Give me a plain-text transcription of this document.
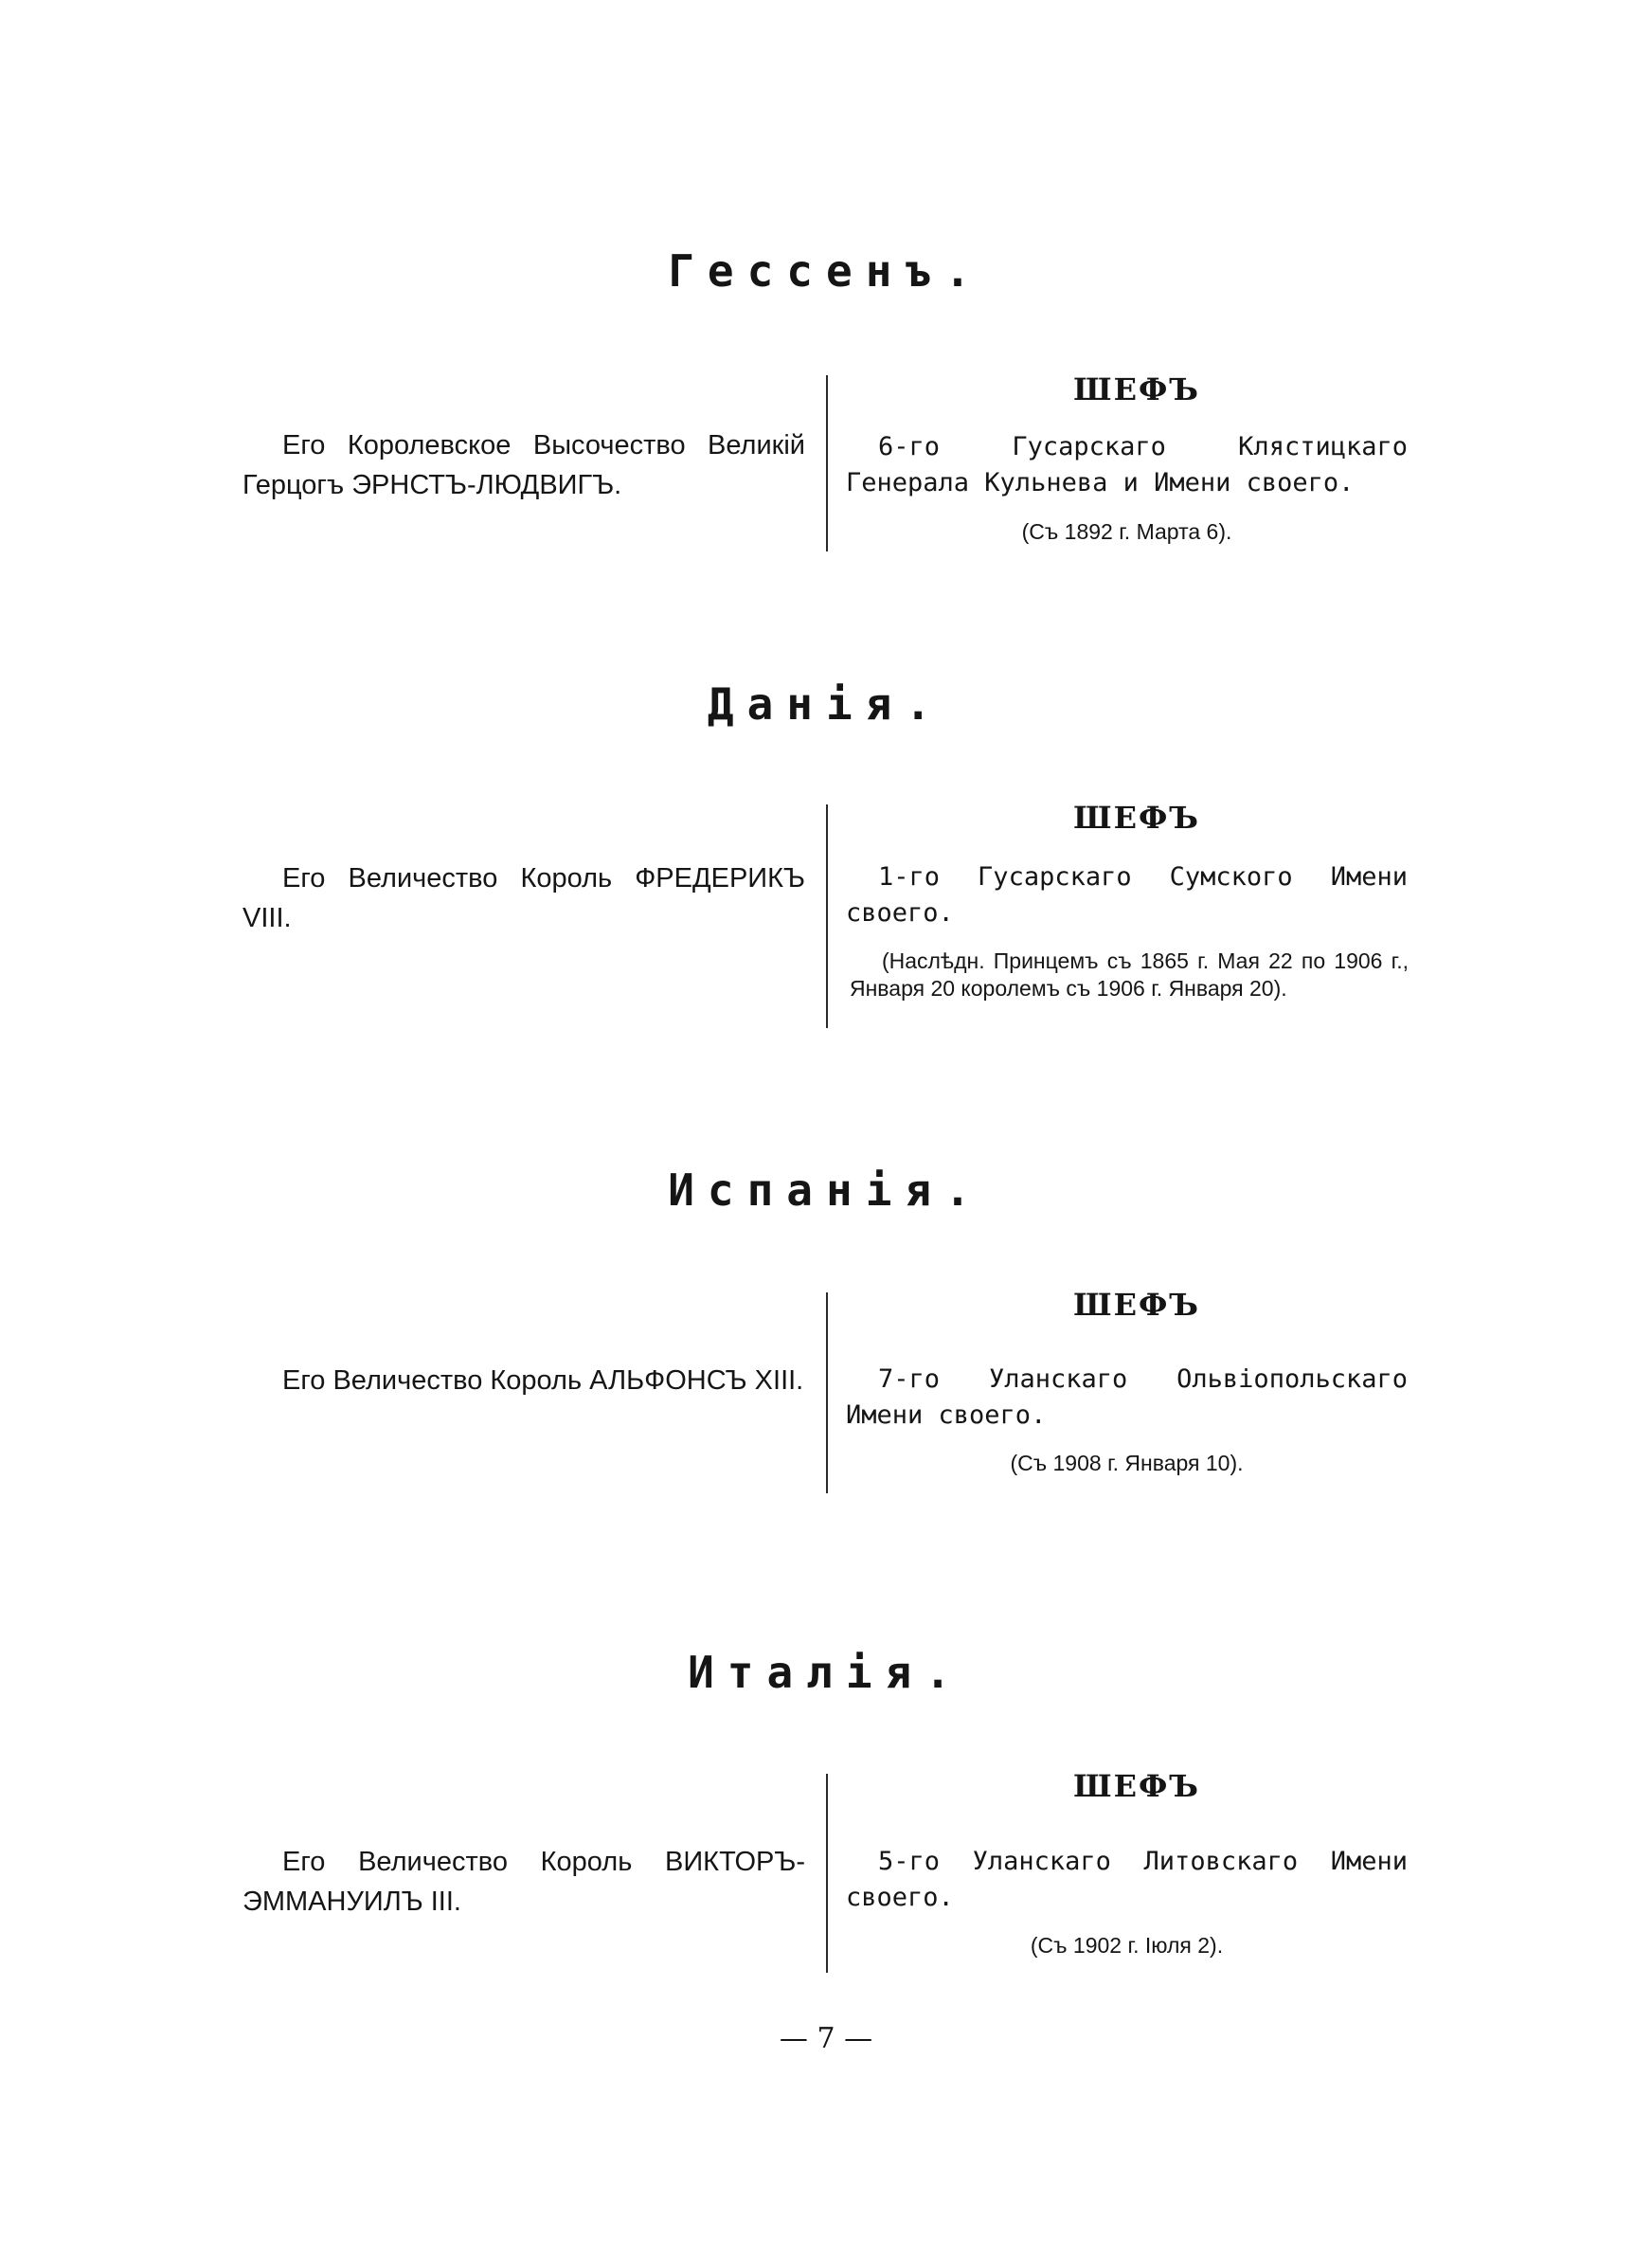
Гессенъ.

Его Королевское Высочество Великій Герцогъ ЭРНСТЪ-ЛЮДВИГЪ.

ШЕФЪ

6-го Гусарскаго Клястицкаго Генерала Кульнева и Имени своего.

(Съ 1892 г. Марта 6).

Данія.

Его Величество Король ФРЕДЕРИКЪ VIII.

ШЕФЪ

1-го Гусарскаго Сумского Имени своего.

(Наслѣдн. Принцемъ съ 1865 г. Мая 22 по 1906 г., Января 20 королемъ съ 1906 г. Января 20).

Испанія.

Его Величество Король АЛЬФОНСЪ XIII.

ШЕФЪ

7-го Уланскаго Ольвіопольскаго Имени своего.

(Съ 1908 г. Января 10).

Италія.

Его Величество Король ВИКТОРЪ-ЭММАНУИЛЪ III.

ШЕФЪ

5-го Уланскаго Литовскаго Имени своего.

(Съ 1902 г. Іюля 2).

— 7 —
